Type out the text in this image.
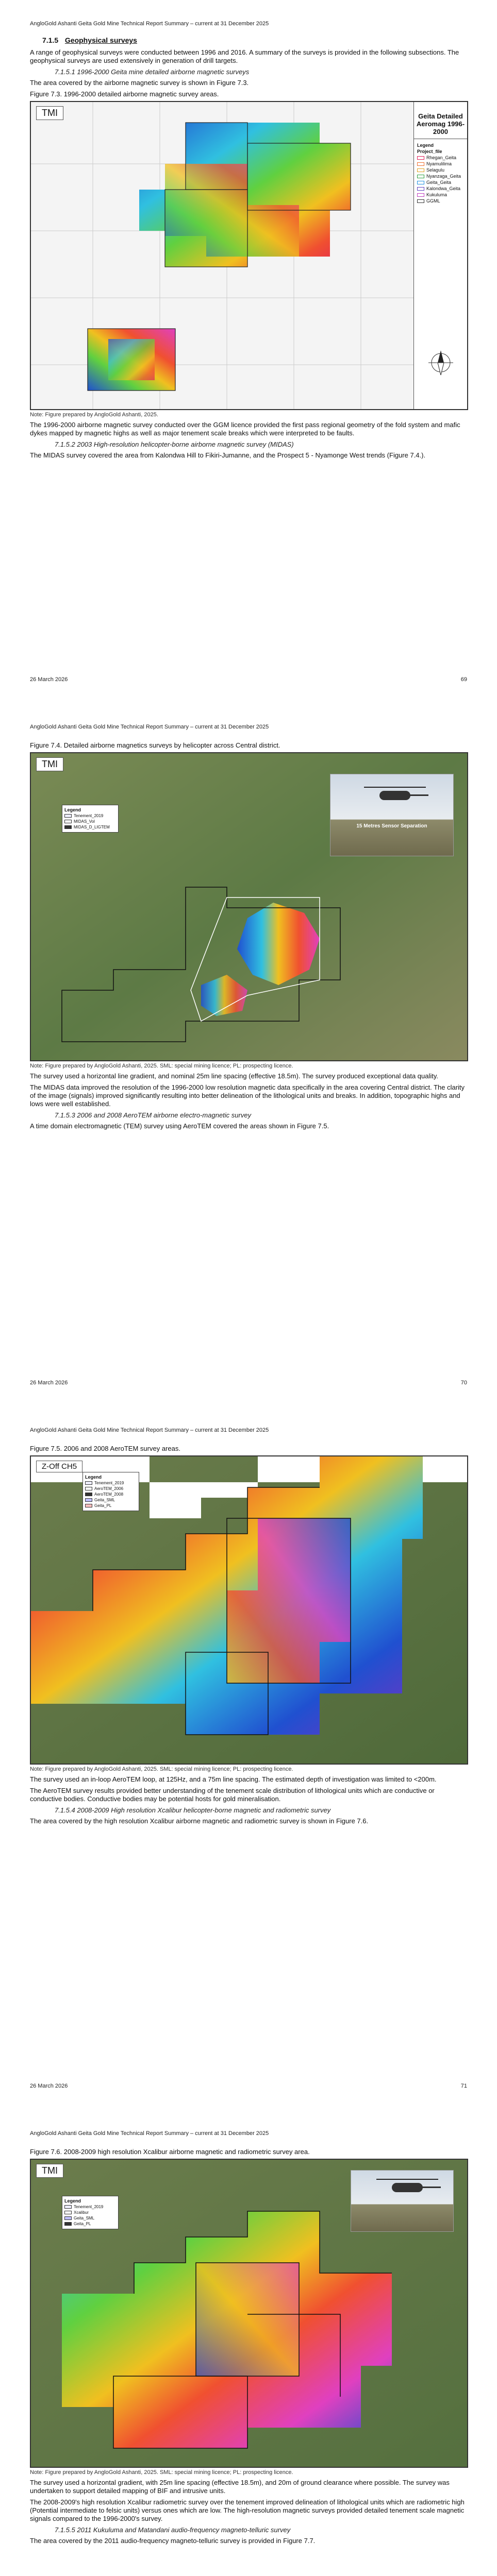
AngloGold Ashanti Geita Gold Mine Technical Report Summary – current at 31 December 2025
7.1.5 Geophysical surveys
A range of geophysical surveys were conducted between 1996 and 2016. A summary of the surveys is provided in the following subsections. The geophysical surveys are used extensively in generation of drill targets.
7.1.5.1 1996-2000 Geita mine detailed airborne magnetic surveys
The area covered by the airborne magnetic survey is shown in Figure 7.3.
Figure 7.3. 1996-2000 detailed airborne magnetic survey areas.
TMI	Geita Detailed Aeromag 1996-2000
Legend
Project_file
Rhegan_Geita
Nyamulilima
Selagulu
Nyanzaga_Geita
Geita_Geita
Kalondwa_Geita
Kukuluma
GGML
Note: Figure prepared by AngloGold Ashanti, 2025.
The 1996-2000 airborne magnetic survey conducted over the GGM licence provided the first pass regional geometry of the fold system and mafic dykes mapped by magnetic highs as well as major tenement scale breaks which were interpreted to be faults.
7.1.5.2 2003 High-resolution helicopter-borne airborne magnetic survey (MIDAS)
The MIDAS survey covered the area from Kalondwa Hill to Fikiri-Jumanne, and the Prospect 5 - Nyamonge West trends (Figure 7.4.).
26 March 2026	69
AngloGold Ashanti Geita Gold Mine Technical Report Summary – current at 31 December 2025
Figure 7.4. Detailed airborne magnetics surveys by helicopter across Central district.
TMI
Legend
Tenement_2019
MIDAS_Vol
MIDAS_D_LIGTEM	15 Metres Sensor Separation
Note: Figure prepared by AngloGold Ashanti, 2025. SML: special mining licence; PL: prospecting licence.
The survey used a horizontal line gradient, and nominal 25m line spacing (effective 18.5m). The survey produced exceptional data quality.
The MIDAS data improved the resolution of the 1996-2000 low resolution magnetic data specifically in the area covering Central district. The clarity of the image (signals) improved significantly resulting into better delineation of the lithological units and breaks. In addition, topographic highs and lows were well established.
7.1.5.3 2006 and 2008 AeroTEM airborne electro-magnetic survey
A time domain electromagnetic (TEM) survey using AeroTEM covered the areas shown in Figure 7.5.
26 March 2026	70
AngloGold Ashanti Geita Gold Mine Technical Report Summary – current at 31 December 2025
Figure 7.5. 2006 and 2008 AeroTEM survey areas.
Z-Off CH5
Legend
Tenement_2019
AeroTEM_2006
AeroTEM_2008
Geita_SML
Geita_PL
Note: Figure prepared by AngloGold Ashanti, 2025. SML: special mining licence; PL: prospecting licence.
The survey used an in-loop AeroTEM loop, at 125Hz, and a 75m line spacing. The estimated depth of investigation was limited to <200m.
The AeroTEM survey results provided better understanding of the tenement scale distribution of lithological units which are conductive or conductive bodies. Conductive bodies may be potential hosts for gold mineralisation.
7.1.5.4 2008-2009 High resolution Xcalibur helicopter-borne magnetic and radiometric survey
The area covered by the high resolution Xcalibur airborne magnetic and radiometric survey is shown in Figure 7.6.
26 March 2026	71
AngloGold Ashanti Geita Gold Mine Technical Report Summary – current at 31 December 2025
Figure 7.6. 2008-2009 high resolution Xcalibur airborne magnetic and radiometric survey area.
TMI
Legend
Tenement_2019
Xcalibur
Geita_SML
Geita_PL
Note: Figure prepared by AngloGold Ashanti, 2025. SML: special mining licence; PL: prospecting licence.
The survey used a horizontal gradient, with 25m line spacing (effective 18.5m), and 20m of ground clearance where possible. The survey was undertaken to support detailed mapping of BIF and intrusive units.
The 2008-2009's high resolution Xcalibur radiometric survey over the tenement improved delineation of lithological units which are radiometric high (Potential intermediate to felsic units) versus ones which are low. The high-resolution magnetic surveys provided detailed tenement scale magnetic signals compared to the 1996-2000's survey.
7.1.5.5 2011 Kukuluma and Matandani audio-frequency magneto-telluric survey
The area covered by the 2011 audio-frequency magneto-telluric survey is provided in Figure 7.7.
